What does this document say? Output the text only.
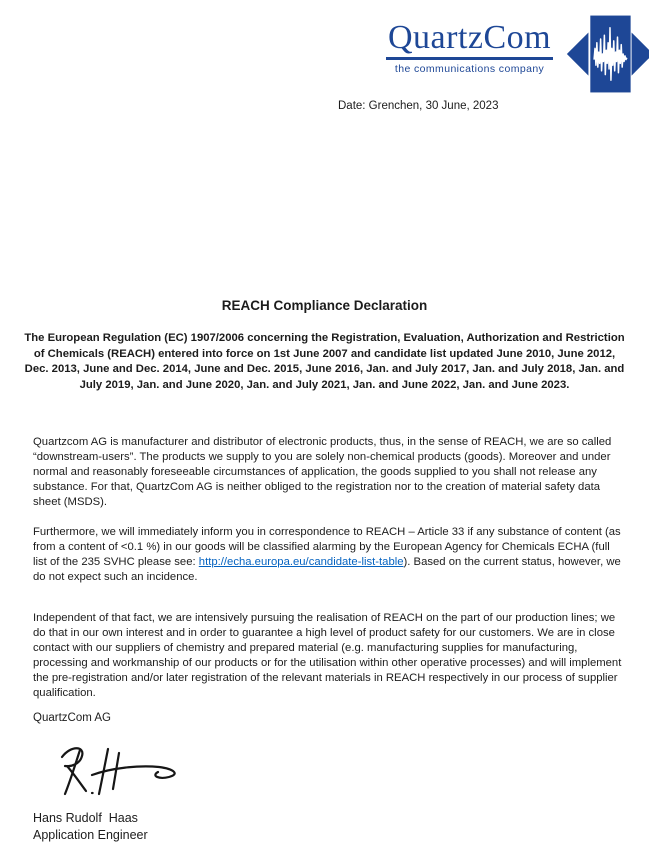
QuartzCom
the communications company
Date: Grenchen, 30 June, 2023
REACH Compliance Declaration
The European Regulation (EC) 1907/2006 concerning the Registration, Evaluation, Authorization and Restriction of Chemicals (REACH) entered into force on 1st June 2007 and candidate list updated June 2010, June 2012, Dec. 2013, June and Dec. 2014, June and Dec. 2015, June 2016, Jan. and July 2017, Jan. and July 2018, Jan. and July 2019, Jan. and June 2020, Jan. and July 2021, Jan. and June 2022, Jan. and June 2023.
Quartzcom AG is manufacturer and distributor of electronic products, thus, in the sense of REACH, we are so called “downstream-users”. The products we supply to you are solely non-chemical products (goods). Moreover and under normal and reasonably foreseeable circumstances of application, the goods supplied to you shall not release any substance. For that, QuartzCom AG is neither obliged to the registration nor to the creation of material safety data sheet (MSDS).
Furthermore, we will immediately inform you in correspondence to REACH – Article 33 if any substance of content (as from a content of <0.1 %) in our goods will be classified alarming by the European Agency for Chemicals ECHA (full list of the 235 SVHC please see: http://echa.europa.eu/candidate-list-table). Based on the current status, however, we do not expect such an incidence.
Independent of that fact, we are intensively pursuing the realisation of REACH on the part of our production lines; we do that in our own interest and in order to guarantee a high level of product safety for our customers. We are in close contact with our suppliers of chemistry and prepared material (e.g. manufacturing supplies for manufacturing, processing and workmanship of our products or for the utilisation within other operative processes) and will implement the pre-registration and/or later registration of the relevant materials in REACH respectively in our process of supplier qualification.
QuartzCom AG
Hans Rudolf  Haas
Application Engineer
